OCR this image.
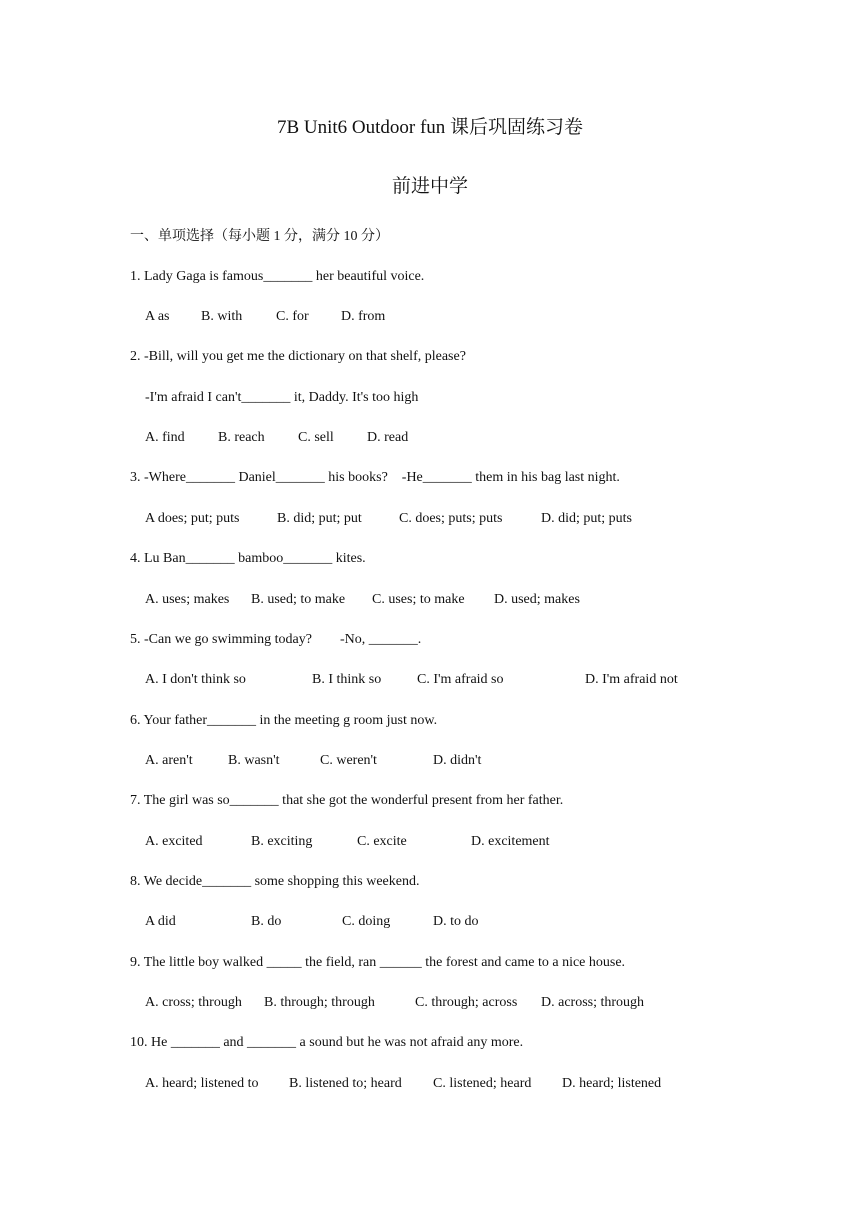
7B Unit6 Outdoor fun 课后巩固练习卷
前进中学
一、单项选择（每小题 1 分，满分 10 分）
1. Lady Gaga is famous_______ her beautiful voice.

A as

B. with

C. for

D. from

2. -Bill, will you get me the dictionary on that shelf, please?
-I'm afraid I can't_______ it, Daddy. It's too high

A. find

B. reach

C. sell

D. read

3. -Where_______ Daniel_______ his books?    -He_______ them in his bag last night.

A does; put; puts

	B. did; put; put

	C. does; puts; puts

	D. did; put; puts

4. Lu Ban_______ bamboo_______ kites.

A. uses; makes

B. used; to make

C. uses; to make

D. used; makes

5. -Can we go swimming today?        -No, _______.

A. I don't think so

	B. I think so

	C. I'm afraid so

	D. I'm afraid not

6. Your father_______ in the meeting g room just now.

A. aren't

	B. wasn't

	C. weren't

	D. didn't

7. The girl was so_______ that she got the wonderful present from her father.

A. excited

	B. exciting

	C. excite

	D. excitement

8. We decide_______ some shopping this weekend.

A did

	B. do

	C. doing

	D. to do

9. The little boy walked _____ the field, ran ______ the forest and came to a nice house.

A. cross; through

B. through; through

	C. through; across

D. across; through

10. He _______ and _______ a sound but he was not afraid any more.

A. heard; listened to

B. listened to; heard

C. listened; heard

D. heard; listened
